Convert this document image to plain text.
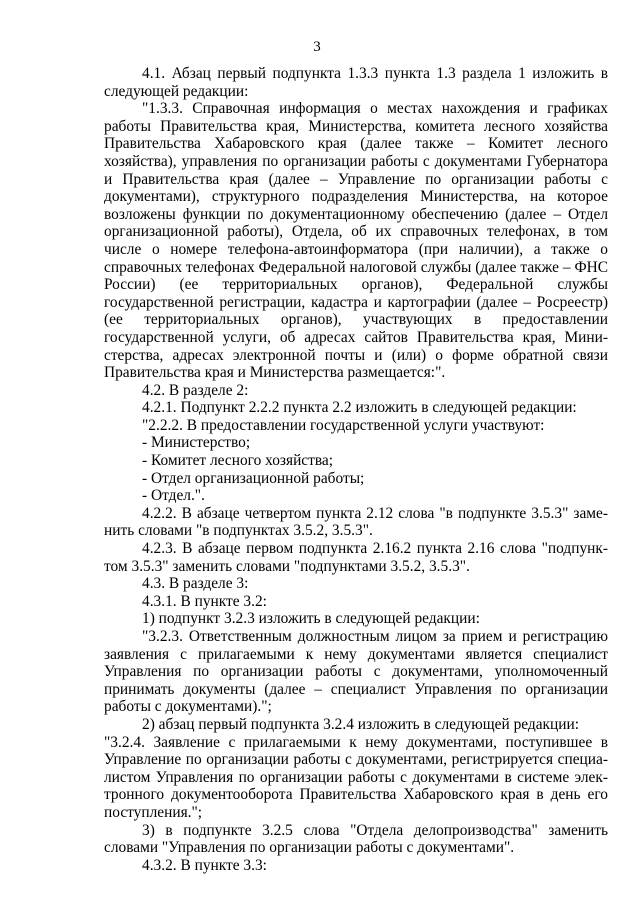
3

4.1. Абзац первый подпункта 1.3.3 пункта 1.3 раздела 1 изложить в следующей редакции:

"1.3.3. Справочная информация о местах нахождения и графиках работы Правительства края, Министерства, комитета лесного хозяйства Правительства Хабаровского края (далее также – Комитет лесного хозяйства), управления по организации работы с документами Губернатора и Правительства края (далее – Управление по организации работы с документами), структурного подразделения Министерства, на которое возложены функции по документационному обеспечению (далее – Отдел организационной работы), Отдела, об их справочных телефонах, в том числе о номере телефона-автоинформатора (при наличии), а также о справочных телефонах Федеральной налоговой службы (далее также – ФНС России) (ее территориальных органов), Федеральной службы государственной регистрации, кадастра и картографии (далее – Росреестр) (ее территориальных органов), участвующих в предоставлении государственной услуги, об адресах сайтов Правительства края, Министерства, адресах электронной почты и (или) о форме обратной связи Правительства края и Министерства размещается:".

4.2. В разделе 2:

4.2.1. Подпункт 2.2.2 пункта 2.2 изложить в следующей редакции:

"2.2.2. В предоставлении государственной услуги участвуют:

- Министерство;

- Комитет лесного хозяйства;

- Отдел организационной работы;

- Отдел.".

4.2.2. В абзаце четвертом пункта 2.12 слова "в подпункте 3.5.3" заменить словами "в подпунктах 3.5.2, 3.5.3".

4.2.3. В абзаце первом подпункта 2.16.2 пункта 2.16 слова "подпунктом 3.5.3" заменить словами "подпунктами 3.5.2, 3.5.3".

4.3. В разделе 3:

4.3.1. В пункте 3.2:

1) подпункт 3.2.3 изложить в следующей редакции:

"3.2.3. Ответственным должностным лицом за прием и регистрацию заявления с прилагаемыми к нему документами является специалист Управления по организации работы с документами, уполномоченный принимать документы (далее – специалист Управления по организации работы с документами).";

2) абзац первый подпункта 3.2.4 изложить в следующей редакции:

"3.2.4. Заявление с прилагаемыми к нему документами, поступившее в Управление по организации работы с документами, регистрируется специалистом Управления по организации работы с документами в системе электронного документооборота Правительства Хабаровского края в день его поступления.";

3) в подпункте 3.2.5 слова "Отдела делопроизводства" заменить словами "Управления по организации работы с документами".

4.3.2. В пункте 3.3:
